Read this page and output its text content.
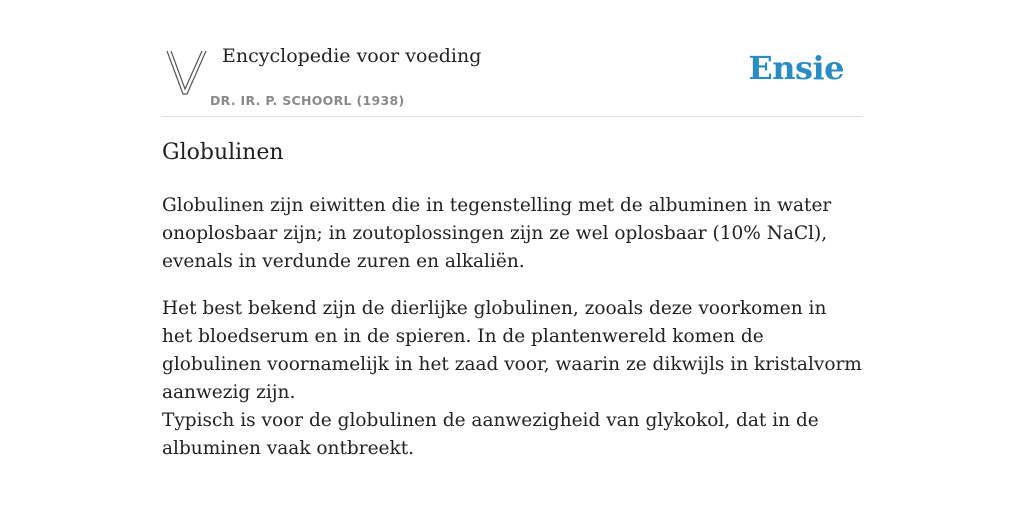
Encyclopedie voor voeding
DR. IR. P. SCHOORL (1938)
Ensie
Globulinen

Globulinen zijn eiwitten die in tegenstelling met de albuminen in water onoplosbaar zijn; in zoutoplossingen zijn ze wel oplosbaar (10% NaCl), evenals in verdunde zuren en alkaliën.

Het best bekend zijn de dierlijke globulinen, zooals deze voorkomen in het bloedserum en in de spieren. In de plantenwereld komen de globulinen voornamelijk in het zaad voor, waarin ze dikwijls in kristalvorm aanwezig zijn.

Typisch is voor de globulinen de aanwezigheid van glykokol, dat in de albuminen vaak ontbreekt.
